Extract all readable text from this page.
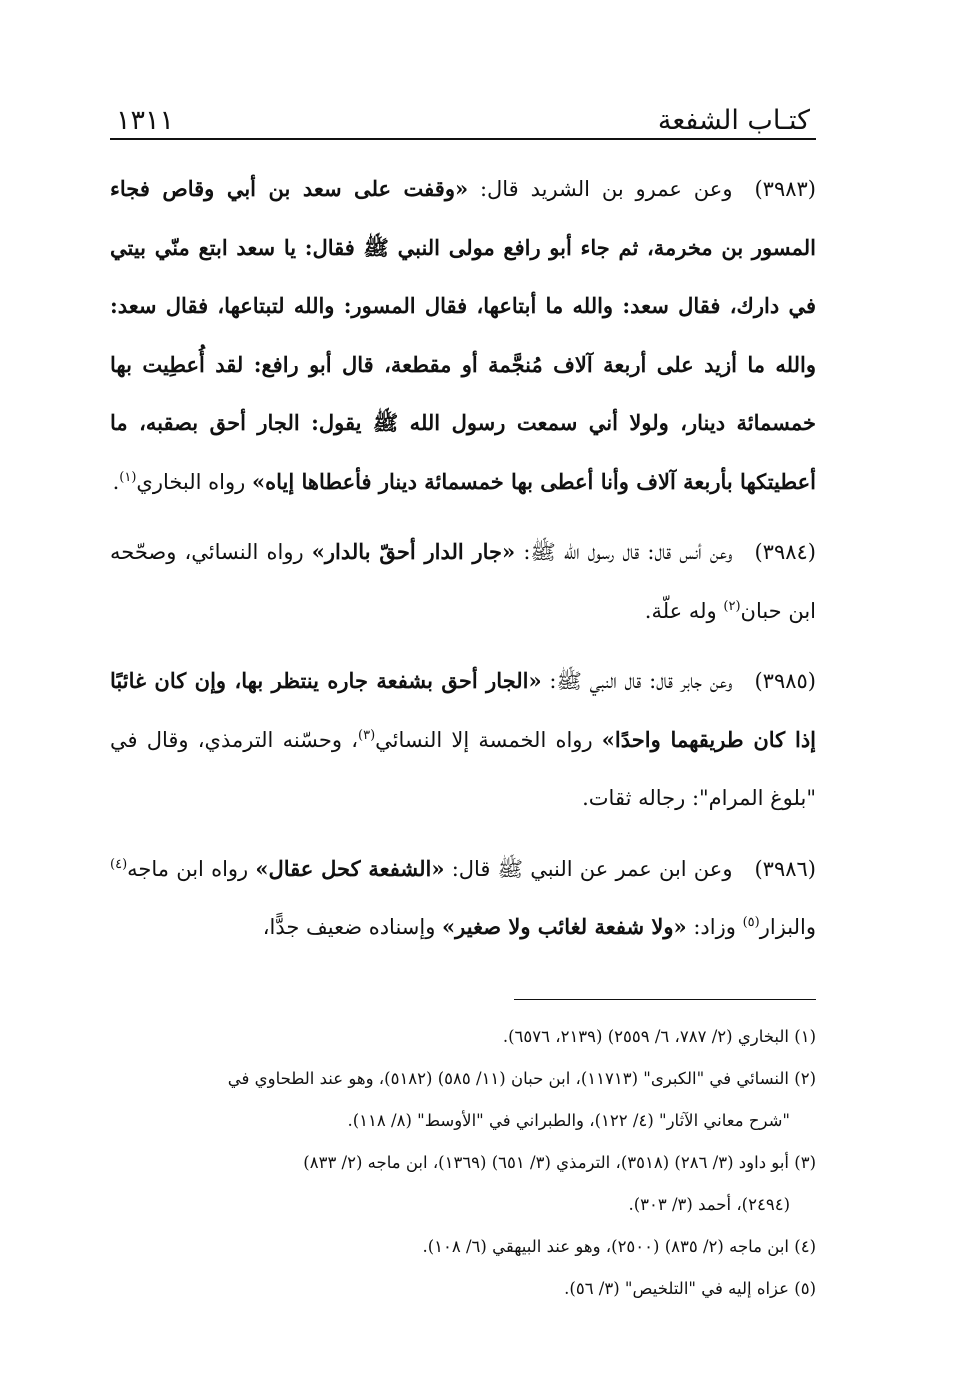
كتـاب الشفعة
١٣١١

(٣٩٨٣)وعن عمرو بن الشريد قال: «وقفت على سعد بن أبي وقاص فجاء المسور بن مخرمة، ثم جاء أبو رافع مولى النبي ﷺ فقال: يا سعد ابتع منّي بيتي في دارك، فقال سعد: والله ما أبتاعها، فقال المسور: والله لتبتاعها، فقال سعد: والله ما أزيد على أربعة آلاف مُنجَّمة أو مقطعة، قال أبو رافع: لقد أُعطِيت بها خمسمائة دينار، ولولا أني سمعت رسول الله ﷺ يقول: الجار أحق بصقبه، ما أعطيتكها بأربعة آلاف وأنا أعطى بها خمسمائة دينار فأعطاها إياه» رواه البخاري$^{(١)}$.

(٣٩٨٤)وعن أنس قال: قال رسول الله ﷺ: «جار الدار أحقّ بالدار» رواه النسائي، وصحّحه ابن حبان$^{(٢)}$ وله علّة.

(٣٩٨٥)وعن جابر قال: قال النبي ﷺ: «الجار أحق بشفعة جاره ينتظر بها، وإن كان غائبًا إذا كان طريقهما واحدًا» رواه الخمسة إلا النسائي$^{(٣)}$، وحسّنه الترمذي، وقال في "بلوغ المرام": رجاله ثقات.

(٣٩٨٦)وعن ابن عمر عن النبي ﷺ قال: «الشفعة كحل عقال» رواه ابن ماجه$^{(٤)}$ والبزار$^{(٥)}$ وزاد: «ولا شفعة لغائب ولا صغير» وإسناده ضعيف جدًّا،

(١) البخاري (٢/ ٧٨٧، ٦/ ٢٥٥٩) (٢١٣٩، ٦٥٧٦).
(٢) النسائي في "الكبرى" (١١٧١٣)، ابن حبان (١١/ ٥٨٥) (٥١٨٢)، وهو عند الطحاوي في
"شرح معاني الآثار" (٤/ ١٢٢)، والطبراني في "الأوسط" (٨/ ١١٨).
(٣) أبو داود (٣/ ٢٨٦) (٣٥١٨)، الترمذي (٣/ ٦٥١) (١٣٦٩)، ابن ماجه (٢/ ٨٣٣)
(٢٤٩٤)، أحمد (٣/ ٣٠٣).
(٤) ابن ماجه (٢/ ٨٣٥) (٢٥٠٠)، وهو عند البيهقي (٦/ ١٠٨).
(٥) عزاه إليه في "التلخيص" (٣/ ٥٦).
